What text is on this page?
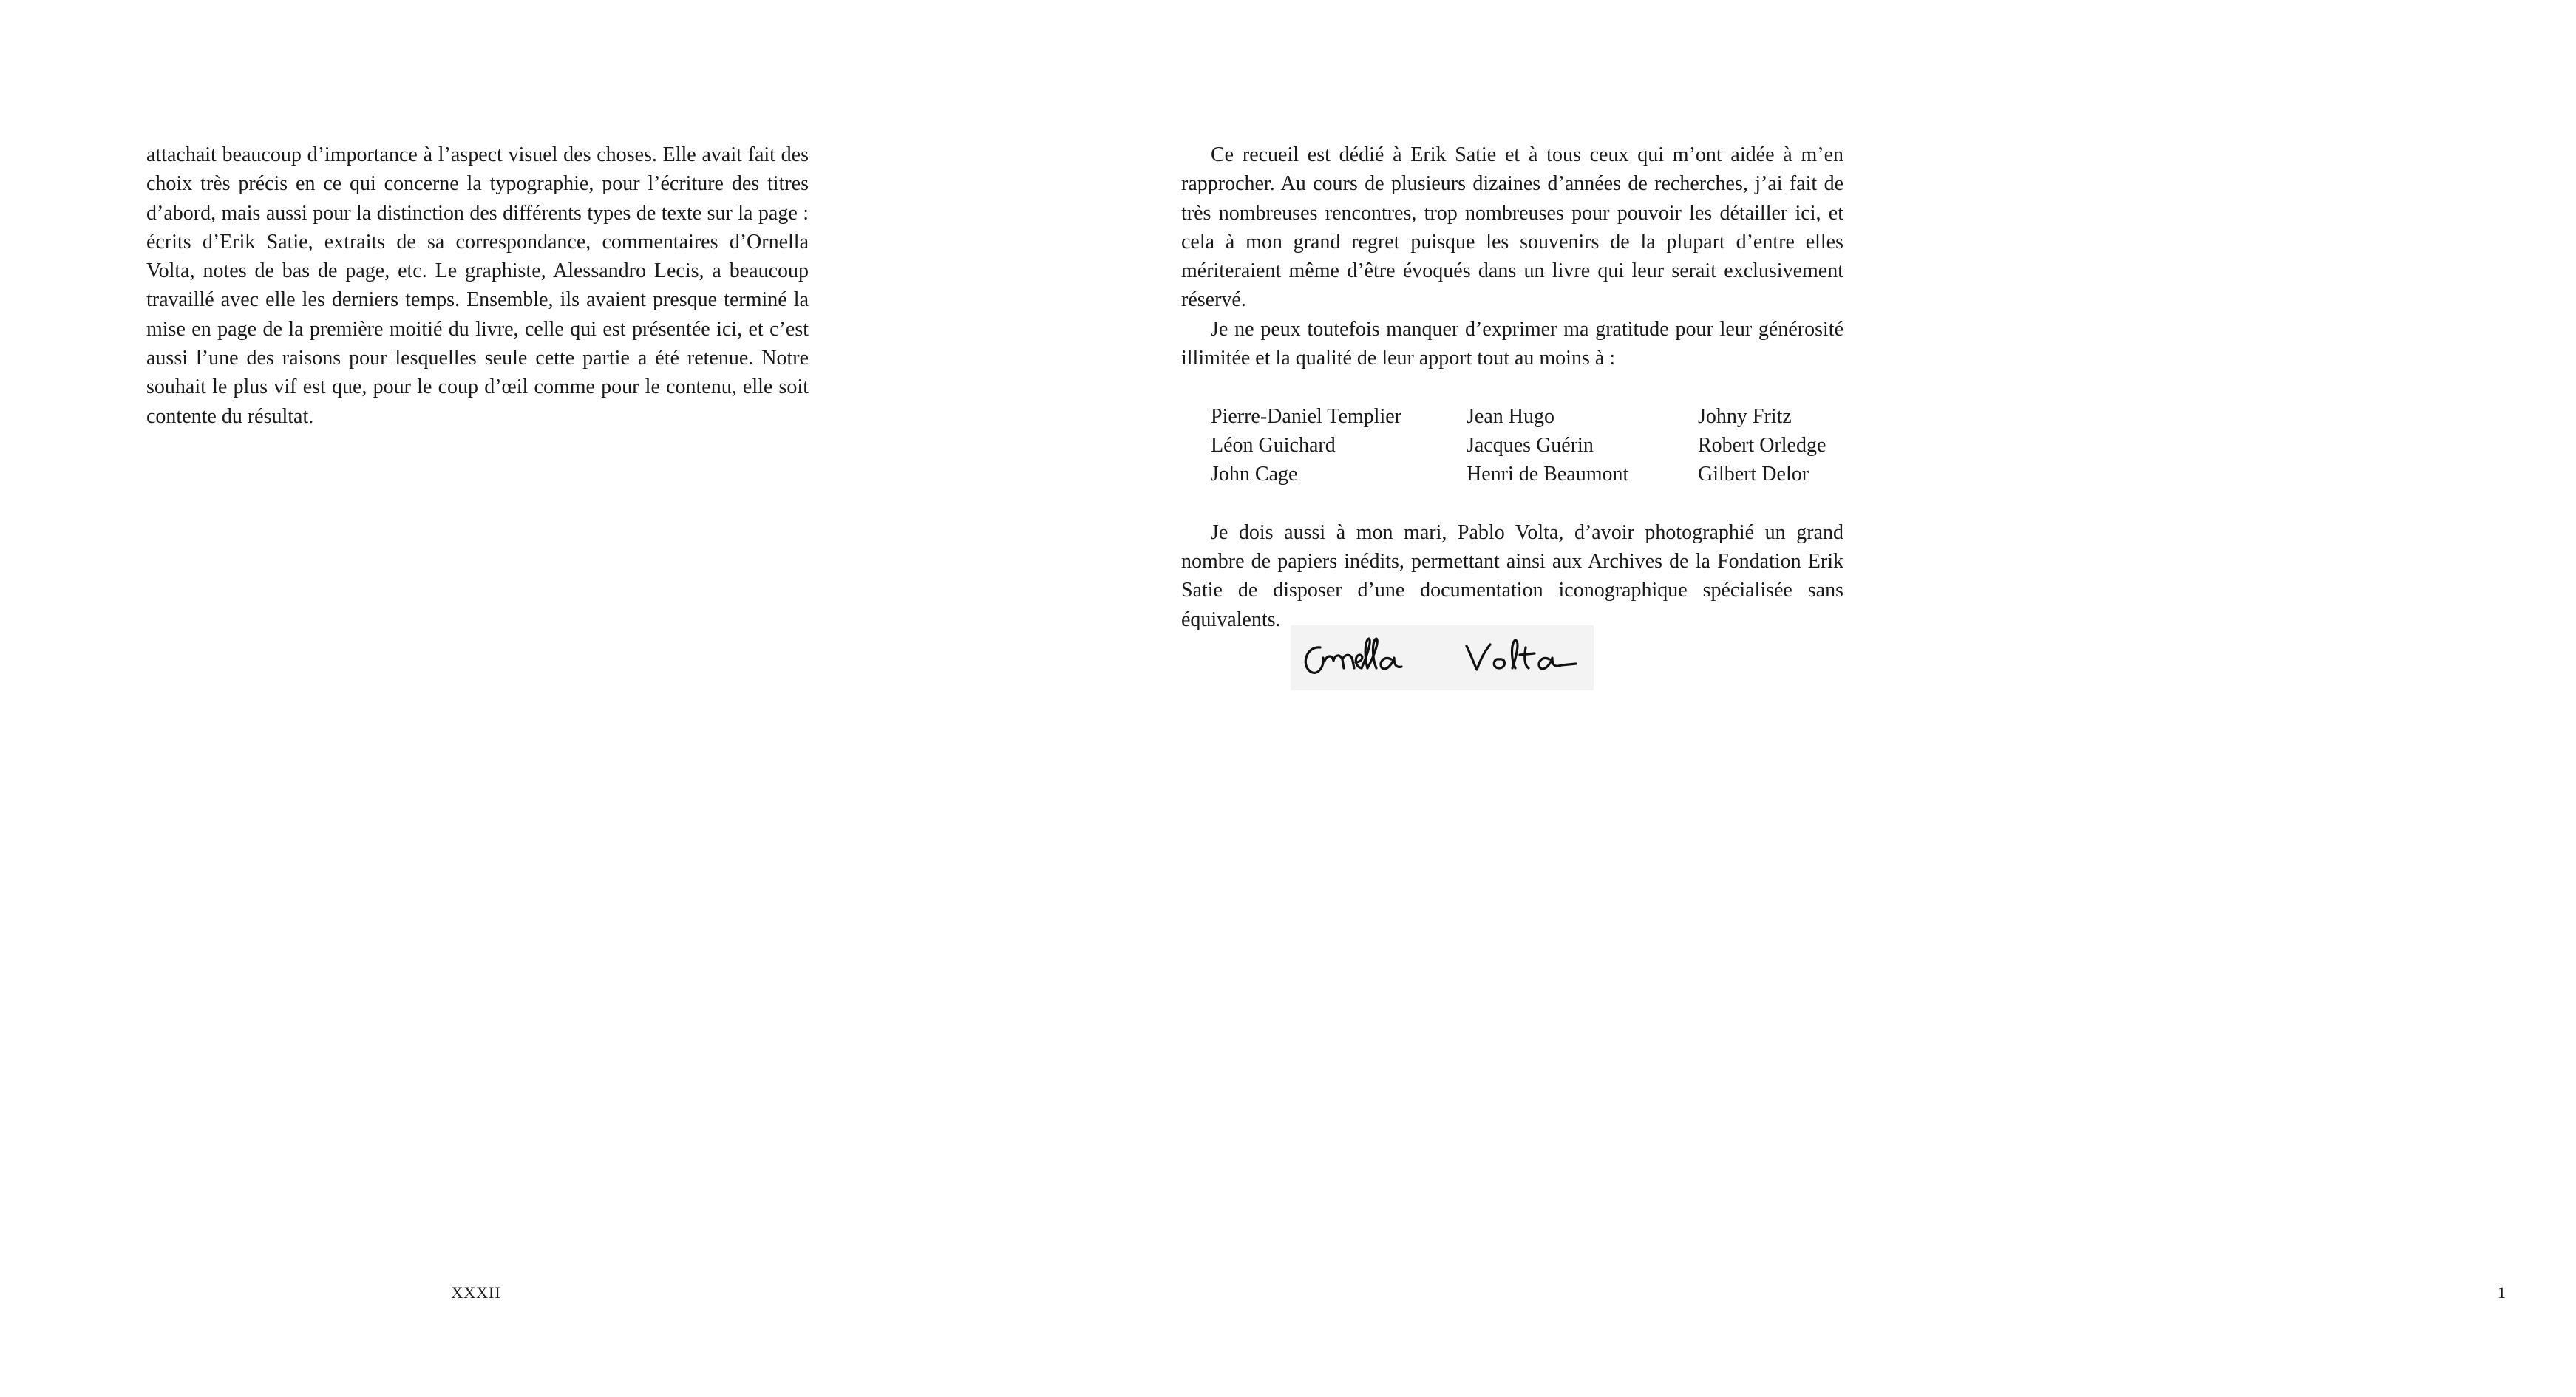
attachait beaucoup d’importance à l’aspect visuel des choses. Elle avait fait des choix très précis en ce qui concerne la typographie, pour l’écriture des titres d’abord, mais aussi pour la distinction des différents types de texte sur la page : écrits d’Erik Satie, extraits de sa correspondance, commentaires d’Ornella Volta, notes de bas de page, etc. Le graphiste, Alessandro Lecis, a beaucoup travaillé avec elle les derniers temps. Ensemble, ils avaient presque terminé la mise en page de la première moitié du livre, celle qui est présentée ici, et c’est aussi l’une des raisons pour lesquelles seule cette partie a été retenue. Notre souhait le plus vif est que, pour le coup d’œil comme pour le contenu, elle soit contente du résultat.

XXXII

Ce recueil est dédié à Erik Satie et à tous ceux qui m’ont aidée à m’en rapprocher. Au cours de plusieurs dizaines d’années de recherches, j’ai fait de très nombreuses rencontres, trop nombreuses pour pouvoir les détailler ici, et cela à mon grand regret puisque les souvenirs de la plupart d’entre elles mériteraient même d’être évoqués dans un livre qui leur serait exclusivement réservé.

Je ne peux toutefois manquer d’exprimer ma gratitude pour leur générosité illimitée et la qualité de leur apport tout au moins à :

Pierre-Daniel Templier	Jean Hugo	Johny Fritz
Léon Guichard	Jacques Guérin	Robert Orledge
John Cage	Henri de Beaumont	Gilbert Delor

Je dois aussi à mon mari, Pablo Volta, d’avoir photographié un grand nombre de papiers inédits, permettant ainsi aux Archives de la Fondation Erik Satie de disposer d’une documentation iconographique spécialisée sans équivalents.

1
